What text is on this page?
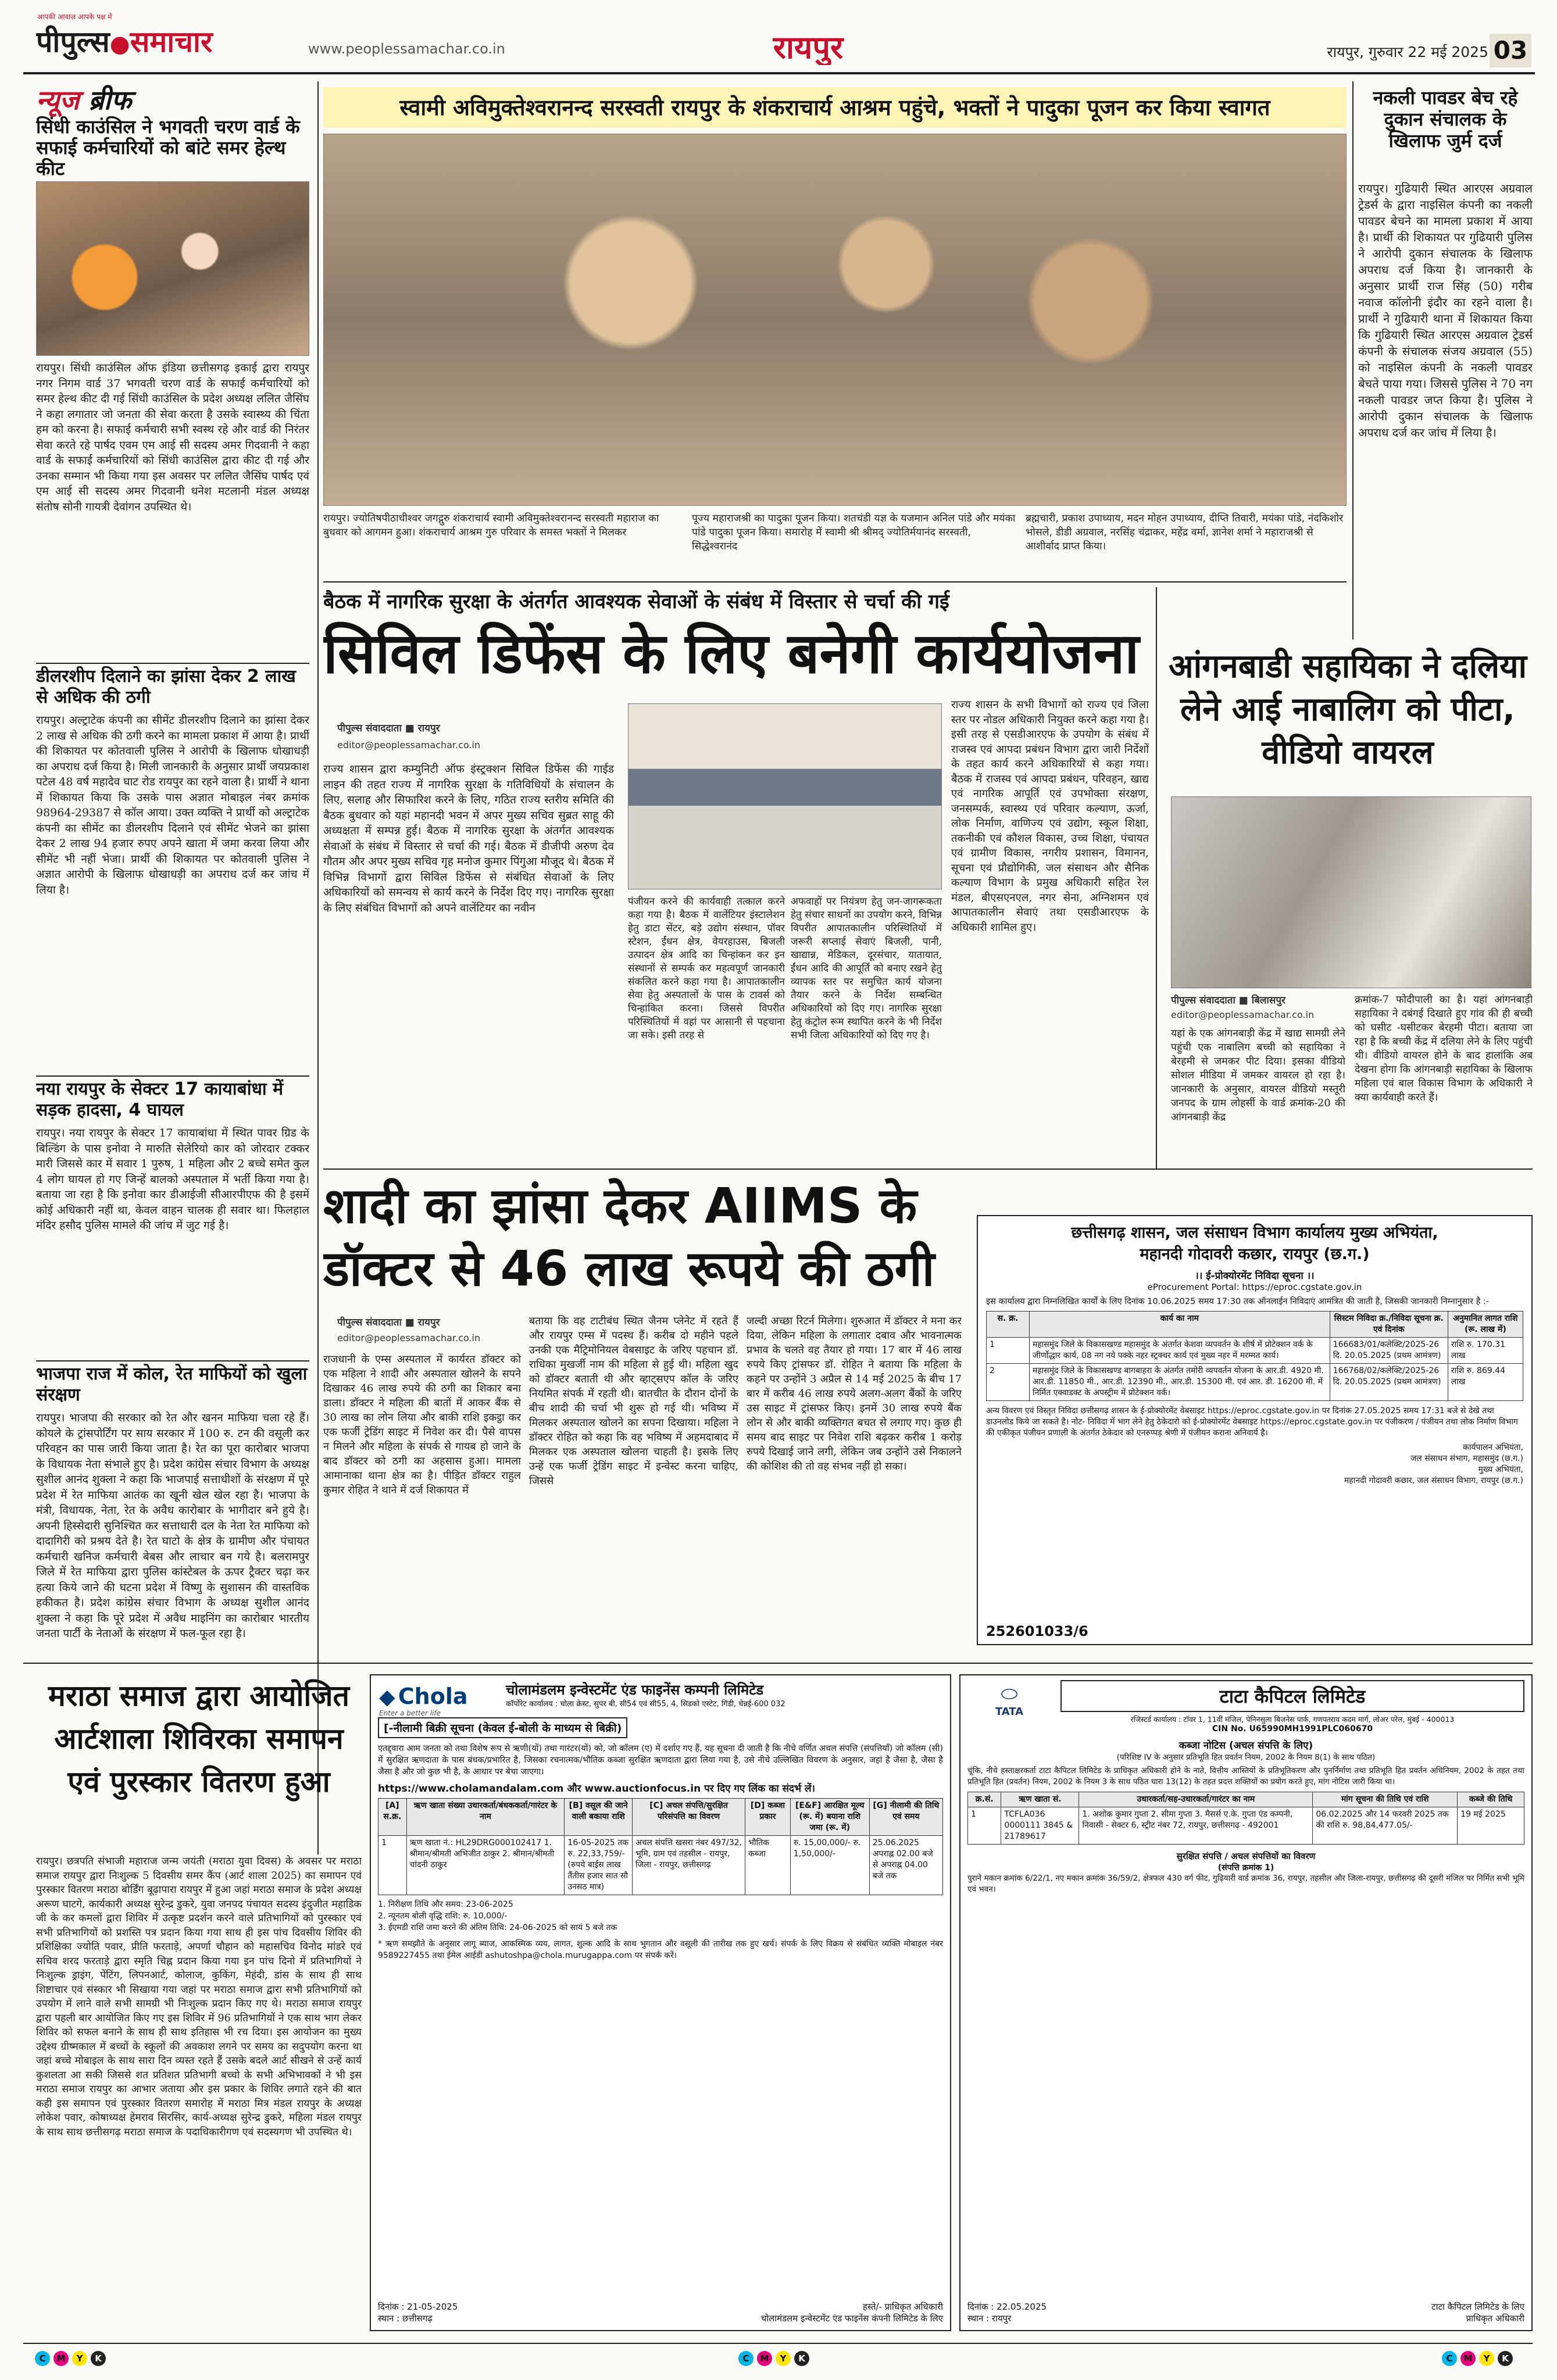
पीपुल्स●समाचार
आपकी आवाज़ आपके पक्ष में
www.peoplessamachar.co.in	रायपुर	रायपुर, गुरुवार 22 मई 2025 03
न्यूज ब्रीफ
सिंधी काउंसिल ने भगवती चरण वार्ड के सफाई कर्मचारियों को बांटे समर हेल्थ कीट
रायपुर। सिंधी काउंसिल ऑफ इंडिया छत्तीसगढ़ इकाई द्वारा रायपुर नगर निगम वार्ड 37 भगवती चरण वार्ड के सफाई कर्मचारियों को समर हेल्थ कीट दी गई सिंधी काउंसिल के प्रदेश अध्यक्ष ललित जैसिंघ ने कहा लगातार जो जनता की सेवा करता है उसके स्वास्थ्य की चिंता हम को करना है। सफाई कर्मचारी सभी स्वस्थ रहे और वार्ड की निरंतर सेवा करते रहे पार्षद एवम एम आई सी सदस्य अमर गिदवानी ने कहा वार्ड के सफाई कर्मचारियों को सिंधी काउंसिल द्वारा कीट दी गई और उनका सम्मान भी किया गया इस अवसर पर ललित जैसिंघ पार्षद एवं एम आई सी सदस्य अमर गिदवानी धनेश मटलानी मंडल अध्यक्ष संतोष सोनी गायत्री देवांगन उपस्थित थे।
डीलरशीप दिलाने का झांसा देकर 2 लाख से अधिक की ठगी
रायपुर। अल्ट्राटेक कंपनी का सीमेंट डीलरशीप दिलाने का झांसा देकर 2 लाख से अधिक की ठगी करने का मामला प्रकाश में आया है। प्रार्थी की शिकायत पर कोतवाली पुलिस ने आरोपी के खिलाफ धोखाधड़ी का अपराध दर्ज किया है। मिली जानकारी के अनुसार प्रार्थी जयप्रकाश पटेल 48 वर्ष महादेव घाट रोड रायपुर का रहने वाला है। प्रार्थी ने थाना में शिकायत किया कि उसके पास अज्ञात मोबाइल नंबर क्रमांक 98964-29387 से कॉल आया। उक्त व्यक्ति ने प्रार्थी को अल्ट्राटेक कंपनी का सीमेंट का डीलरशीप दिलाने एवं सीमेंट भेजने का झांसा देकर 2 लाख 94 हजार रुपए अपने खाता में जमा करवा लिया और सीमेंट भी नहीं भेजा। प्रार्थी की शिकायत पर कोतवाली पुलिस ने अज्ञात आरोपी के खिलाफ धोखाधड़ी का अपराध दर्ज कर जांच में लिया है।
नया रायपुर के सेक्टर 17 कायाबांधा में सड़क हादसा, 4 घायल
रायपुर। नया रायपुर के सेक्टर 17 कायाबांधा में स्थित पावर ग्रिड के बिल्डिंग के पास इनोवा ने मारुति सेलेरियो कार को जोरदार टक्कर मारी जिससे कार में सवार 1 पुरुष, 1 महिला और 2 बच्चे समेत कुल 4 लोग घायल हो गए जिन्हें बालको अस्पताल में भर्ती किया गया है। बताया जा रहा है कि इनोवा कार डीआईजी सीआरपीएफ की है इसमें कोई अधिकारी नहीं था, केवल वाहन चालक ही सवार था। फिलहाल मंदिर हसौद पुलिस मामले की जांच में जुट गई है।
भाजपा राज में कोल, रेत माफियों को खुला संरक्षण
रायपुर। भाजपा की सरकार को रेत और खनन माफिया चला रहे हैं। कोयले के ट्रांसपोर्टिंग पर साय सरकार में 100 रु. टन की वसूली कर परिवहन का पास जारी किया जाता है। रेत का पूरा कारोबार भाजपा के विधायक नेता संभाले हुए है। प्रदेश कांग्रेस संचार विभाग के अध्यक्ष सुशील आनंद शुक्ला ने कहा कि भाजपाई सत्ताधीशों के संरक्षण में पूरे प्रदेश में रेत माफिया आतंक का खूनी खेल खेल रहा है। भाजपा के मंत्री, विधायक, नेता, रेत के अवैध कारोबार के भागीदार बने हुये है। अपनी हिस्सेदारी सुनिश्चित कर सत्ताधारी दल के नेता रेत माफिया को दादागिरी को प्रश्रय देते है। रेत घाटो के क्षेत्र के ग्रामीण और पंचायत कर्मचारी खनिज कर्मचारी बेबस और लाचार बन गये है। बलरामपुर जिले में रेत माफिया द्वारा पुलिस कांस्टेबल के ऊपर ट्रैक्टर चढ़ा कर हत्या किये जाने की घटना प्रदेश में विष्णु के सुशासन की वास्तविक हकीकत है। प्रदेश कांग्रेस संचार विभाग के अध्यक्ष सुशील आनंद शुक्ला ने कहा कि पूरे प्रदेश में अवैध माइनिंग का कारोबार भारतीय जनता पार्टी के नेताओं के संरक्षण में फल-फूल रहा है।
स्वामी अविमुक्तेश्वरानन्द सरस्वती रायपुर के शंकराचार्य आश्रम पहुंचे, भक्तों ने पादुका पूजन कर किया स्वागत
रायपुर। ज्योतिषपीठाधीश्वर जगद्गुरु शंकराचार्य स्वामी अविमुक्तेश्वरानन्द सरस्वती महाराज का बुधवार को आगमन हुआ। शंकराचार्य आश्रम गुरु परिवार के समस्त भक्तों ने मिलकर
पूज्य महाराजश्री का पादुका पूजन किया। शतचंडी यज्ञ के यजमान अनिल पांडे और मयंका पांडे पादुका पूजन किया। समारोह में स्वामी श्री श्रीमद् ज्योतिर्मयानंद सरस्वती, सिद्धेश्वरानंद
ब्रह्मचारी, प्रकाश उपाध्याय, मदन मोहन उपाध्याय, दीप्ति तिवारी, मयंका पांडे, नंदकिशोर भोसले, डीडी अग्रवाल, नरसिंह चंद्राकर, महेंद्र वर्मा, ज्ञानेश शर्मा ने महाराजश्री से आशीर्वाद प्राप्त किया।
नकली पावडर बेच रहे दुकान संचालक के खिलाफ जुर्म दर्ज
रायपुर। गुढियारी स्थित आरएस अग्रवाल ट्रेडर्स के द्वारा नाइसिल कंपनी का नकली पावडर बेचने का मामला प्रकाश में आया है। प्रार्थी की शिकायत पर गुढियारी पुलिस ने आरोपी दुकान संचालक के खिलाफ अपराध दर्ज किया है। जानकारी के अनुसार प्रार्थी राज सिंह (50) गरीब नवाज कॉलोनी इंदौर का रहने वाला है। प्रार्थी ने गुढियारी थाना में शिकायत किया कि गुढियारी स्थित आरएस अग्रवाल ट्रेडर्स कंपनी के संचालक संजय अग्रवाल (55) को नाइसिल कंपनी के नकली पावडर बेचते पाया गया। जिससे पुलिस ने 70 नग नकली पावडर जप्त किया है। पुलिस ने आरोपी दुकान संचालक के खिलाफ अपराध दर्ज कर जांच में लिया है।
बैठक में नागरिक सुरक्षा के अंतर्गत आवश्यक सेवाओं के संबंध में विस्तार से चर्चा की गई
सिविल डिफेंस के लिए बनेगी कार्ययोजना
पीपुल्स संवाददाता ■ रायपुर
editor@peoplessamachar.co.in
राज्य शासन द्वारा कम्युनिटी ऑफ इंस्ट्रक्शन सिविल डिफेंस की गाईड लाइन की तहत राज्य में नागरिक सुरक्षा के गतिविधियों के संचालन के लिए, सलाह और सिफारिश करने के लिए, गठित राज्य स्तरीय समिति की बैठक बुधवार को यहां महानदी भवन में अपर मुख्य सचिव सुब्रत साहू की अध्यक्षता में सम्पन्न हुई। बैठक में नागरिक सुरक्षा के अंतर्गत आवश्यक सेवाओं के संबंध में विस्तार से चर्चा की गई। बैठक में डीजीपी अरुण देव गौतम और अपर मुख्य सचिव गृह मनोज कुमार पिंगुआ मौजूद थे। बैठक में विभिन्न विभागों द्वारा सिविल डिफेंस से संबंधित सेवाओं के लिए अधिकारियों को समन्वय से कार्य करने के निर्देश दिए गए। नागरिक सुरक्षा के लिए संबंधित विभागों को अपने वालेंटियर का नवीन	पंजीयन करने की कार्यवाही तत्काल करने कहा गया है। बैठक में वालेंटियर इंस्टालेशन हेतु डाटा सेंटर, बड़े उद्योग संस्थान, पॉवर स्टेशन, ईंधन क्षेत्र, वेयरहाउस, बिजली उत्पादन क्षेत्र आदि का चिन्हांकन कर इन संस्थानों से सम्पर्क कर महत्वपूर्ण जानकारी संकलित करने कहा गया है। आपातकालीन सेवा हेतु अस्पतालों के पास के टावर्स को चिन्हांकित करना। जिससे विपरीत परिस्थितियों में वहां पर आसानी से पहचाना जा सके। इसी तरह से
अफवाहों पर नियंत्रण हेतु जन-जागरूकता हेतु संचार साधनों का उपयोग करने, विभिन्न विपरीत आपातकालीन परिस्थितियों में जरूरी सप्लाई सेवाएं बिजली, पानी, खाद्यान्न, मेडिकल, दूरसंचार, यातायात, ईंधन आदि की आपूर्ति को बनाए रखने हेतु व्यापक स्तर पर समुचित कार्य योजना तैयार करने के निर्देश सम्बन्धित अधिकारियों को दिए गए। नागरिक सुरक्षा हेतु कंट्रोल रूम स्थापित करने के भी निर्देश सभी जिला अधिकारियों को दिए गए है।
राज्य शासन के सभी विभागों को राज्य एवं जिला स्तर पर नोडल अधिकारी नियुक्त करने कहा गया है। इसी तरह से एसडीआरएफ के उपयोग के संबंध में राजस्व एवं आपदा प्रबंधन विभाग द्वारा जारी निर्देशों के तहत कार्य करने अधिकारियों से कहा गया। बैठक में राजस्व एवं आपदा प्रबंधन, परिवहन, खाद्य एवं नागरिक आपूर्ति एवं उपभोक्ता संरक्षण, जनसम्पर्क, स्वास्थ्य एवं परिवार कल्याण, ऊर्जा, लोक निर्माण, वाणिज्य एवं उद्योग, स्कूल शिक्षा, तकनीकी एवं कौशल विकास, उच्च शिक्षा, पंचायत एवं ग्रामीण विकास, नगरीय प्रशासन, विमानन, सूचना एवं प्रौद्योगिकी, जल संसाधन और सैनिक कल्याण विभाग के प्रमुख अधिकारी सहित रेल मंडल, बीएसएनएल, नगर सेना, अग्निशमन एवं आपातकालीन सेवाएं तथा एसडीआरएफ के अधिकारी शामिल हुए।
आंगनबाडी सहायिका ने दलिया लेने आई नाबालिग को पीटा, वीडियो वायरल
पीपुल्स संवाददाता ■ बिलासपुर
editor@peoplessamachar.co.in
यहां के एक आंगनबाड़ी केंद्र में खाद्य सामग्री लेने पहुंची एक नाबालिग बच्ची को सहायिका ने बेरहमी से जमकर पीट दिया। इसका वीडियो सोशल मीडिया में जमकर वायरल हो रहा है। जानकारी के अनुसार, वायरल वीडियो मस्तूरी जनपद के ग्राम लोहर्सी के वार्ड क्रमांक-20 की आंगनबाड़ी केंद्र
क्रमांक-7 फोदीपाली का है। यहां आंगनबाड़ी सहायिका ने दबंगई दिखाते हुए गांव की ही बच्ची को घसीट -घसीटकर बेरहमी पीटा। बताया जा रहा है कि बच्ची केंद्र में दलिया लेने के लिए पहुंची थी। वीडियो वायरल होने के बाद हालांकि अब देखना होगा कि आंगनबाड़ी सहायिका के खिलाफ महिला एवं बाल विकास विभाग के अधिकारी ने क्या कार्यवाही करते हैं।
शादी का झांसा देकर AIIMS के डॉक्टर से 46 लाख रूपये की ठगी
पीपुल्स संवाददाता ■ रायपुर
editor@peoplessamachar.co.in
राजधानी के एम्स अस्पताल में कार्यरत डॉक्टर को एक महिला ने शादी और अस्पताल खोलने के सपने दिखाकर 46 लाख रुपये की ठगी का शिकार बना डाला। डॉक्टर ने महिला की बातों में आकर बैंक से 30 लाख का लोन लिया और बाकी राशि इकट्ठा कर एक फर्जी ट्रेडिंग साइट में निवेश कर दी। पैसे वापस न मिलने और महिला के संपर्क से गायब हो जाने के बाद डॉक्टर को ठगी का अहसास हुआ। मामला आमानाका थाना क्षेत्र का है। पीड़ित डॉक्टर राहुल कुमार रोहित ने थाने में दर्ज शिकायत में
बताया कि वह टाटीबंध स्थित जैनम प्लेनेट में रहते हैं और रायपुर एम्स में पदस्थ हैं। करीब दो महीने पहले उनकी एक मैट्रिमोनियल वेबसाइट के जरिए पहचान डॉ. राधिका मुखर्जी नाम की महिला से हुई थी। महिला खुद को डॉक्टर बताती थी और व्हाट्सएप कॉल के जरिए नियमित संपर्क में रहती थी। बातचीत के दौरान दोनों के बीच शादी की चर्चा भी शुरू हो गई थी। भविष्य में मिलकर अस्पताल खोलने का सपना दिखाया। महिला ने डॉक्टर रोहित को कहा कि वह भविष्य में अहमदाबाद में मिलकर एक अस्पताल खोलना चाहती है। इसके लिए उन्हें एक फर्जी ट्रेडिंग साइट में इन्वेस्ट करना चाहिए, जिससे
जल्दी अच्छा रिटर्न मिलेगा। शुरुआत में डॉक्टर ने मना कर दिया, लेकिन महिला के लगातार दबाव और भावनात्मक प्रभाव के चलते वह तैयार हो गया। 17 बार में 46 लाख रुपये किए ट्रांसफर डॉ. रोहित ने बताया कि महिला के कहने पर उन्होंने 3 अप्रैल से 14 मई 2025 के बीच 17 बार में करीब 46 लाख रुपये अलग-अलग बैंकों के जरिए उस साइट में ट्रांसफर किए। इनमें 30 लाख रुपये बैंक लोन से और बाकी व्यक्तिगत बचत से लगाए गए। कुछ ही समय बाद साइट पर निवेश राशि बढ़कर करीब 1 करोड़ रुपये दिखाई जाने लगी, लेकिन जब उन्होंने उसे निकालने की कोशिश की तो वह संभव नहीं हो सका।
छत्तीसगढ़ शासन, जल संसाधन विभाग कार्यालय मुख्य अभियंता,
महानदी गोदावरी कछार, रायपुर (छ.ग.)
।। ई-प्रोक्योरमेंट निविदा सूचना ।।
eProcurement Portal: https://eproc.cgstate.gov.in
इस कार्यालय द्वारा निम्नलिखित कार्यों के लिए दिनांक 10.06.2025 समय 17:30 तक ऑनलाईन निविदाएं आमंत्रित की जाती है, जिसकी जानकारी निम्नानुसार है :-
स. क्र.	कार्य का नाम	सिस्टम निविदा क्र./निविदा सूचना क्र. एवं दिनांक	अनुमानित लागत राशि (रू. लाख में)
1	महासमुंद जिले के विकासखण्ड महासमुंद के अंतर्गत केशवा व्यपवर्तन के शीर्ष में प्रोटेक्शन वर्क के जीर्णोद्धार कार्य, 08 नग नये पक्के नहर स्ट्रक्चर कार्य एवं मुख्य नहर में मरम्मत कार्य।	166683/01/कलेक्टि/2025-26 दि. 20.05.2025 (प्रथम आमंत्रण)	राशि रु. 170.31 लाख
2	महासमुंद जिले के विकासखण्ड बागबाहरा के अंतर्गत तमोरी व्यपवर्तन योजना के आर.डी. 4920 मी. आर.डी. 11850 मी., आर.डी. 12390 मी., आर.डी. 15300 मी. एवं आर. डी. 16200 मी. में निर्मित एक्वाडक्ट के अपस्ट्रीम में प्रोटेक्शन वर्क।	166768/02/कलेक्टि/2025-26 दि. 20.05.2025 (प्रथम आमंत्रण)	राशि रु. 869.44 लाख
अन्य विवरण एवं विस्तृत निविदा छत्तीसगढ़ शासन के ई-प्रोक्योरमेंट वेबसाइट https://eproc.cgstate.gov.in पर दिनांक 27.05.2025 समय 17:31 बजे से देखे तथा डाउनलोड किये जा सकते है। नोट- निविदा में भाग लेने हेतु ठेकेदारो को ई-प्रोक्योरमेंट वेबसाइट https://eproc.cgstate.gov.in पर पंजीकरण / पंजीयन तथा लोक निर्माण विभाग की एकीकृत पंजीयन प्रणाली के अंतर्गत ठेकेदार को एनरुप्पड़ श्रेणी में पंजीयन कराना अनिवार्य है।
कार्यपालन अभियंता,
जल संसाधन संभाग, महासमुंद (छ.ग.)
मुख्य अभियंता,
महानदी गोदावरी कछार, जल संसाधन विभाग, रायपुर (छ.ग.)
252601033/6
मराठा समाज द्वारा आयोजित आर्टशाला शिविरका समापन एवं पुरस्कार वितरण हुआ
रायपुर। छत्रपति संभाजी महाराज जन्म जयंती (मराठा युवा दिवस) के अवसर पर मराठा समाज रायपुर द्वारा निःशुल्क 5 दिवसीय समर कैंप (आर्ट शाला 2025) का समापन एवं पुरस्कार वितरण मराठा बोर्डिंग बूढ़ापारा रायपुर में हुआ जहां मराठा समाज के प्रदेश अध्यक्ष अरूण घाटगे, कार्यकारी अध्यक्ष सुरेन्द्र डुकरे, युवा जनपद पंचायत सदस्य इंदुजीत महाडिक जी के कर कमलों द्वारा शिविर में उत्कृष्ट प्रदर्शन करने वाले प्रतिभागियों को पुरस्कार एवं सभी प्रतिभागियों को प्रशस्ति पत्र प्रदान किया गया साथ ही इस पांच दिवसीय शिविर की प्रशिक्षिका ज्योति पवार, प्रीति फरताड़े, अपर्णा चौहान को महासचिव विनोद मांडरे एवं सचिव शरद फरताड़े द्वारा स्मृति चिह्न प्रदान किया गया इन पांच दिनो में प्रतिभागियों ने निःशुल्क ड्राइंग, पेंटिंग, लिपनआर्ट, कोलाज, कुकिंग, मेहंदी, डांस के साथ ही साथ शिष्टाचार एवं संस्कार भी सिखाया गया जहां पर मराठा समाज द्वारा सभी प्रतिभागियों को उपयोग में लाने वाले सभी सामग्री भी निःशुल्क प्रदान किए गए थे। मराठा समाज रायपुर द्वारा पहली बार आयोजित किए गए इस शिविर में 96 प्रतिभागियों ने एक साथ भाग लेकर शिविर को सफल बनाने के साथ ही साथ इतिहास भी रच दिया। इस आयोजन का मुख्य उद्देश्य ग्रीष्मकाल में बच्चों के स्कूलों की अवकाश लगने पर समय का सदुपयोग करना था जहां बच्चे मोबाइल के साथ सारा दिन व्यस्त रहते हैं उसके बदले आर्ट सीखने से उन्हें कार्य कुशलता आ सकी जिससे शत प्रतिशत प्रतिभागी बच्चो के सभी अभिभावकों ने भी इस मराठा समाज रायपुर का आभार जताया और इस प्रकार के शिविर लगाते रहने की बात कही इस समापन एवं पुरस्कार वितरण समारोह में मराठा मित्र मंडल रायपुर के अध्यक्ष लोकेश पवार, कोषाध्यक्ष हेमराव सिरसिर, कार्य-अध्यक्ष सुरेन्द्र डुकरे, महिला मंडल रायपुर के साथ साथ छत्तीसगढ़ मराठा समाज के पदाधिकारीगण एवं सदस्यगण भी उपस्थित थे।
◆ Chola
Enter a better life
चोलामंडलम इन्वेस्टमेंट एंड फाइनेंस कम्पनी लिमिटेड
कॉर्पोरेट कार्यालय : चोला क्रेस्ट, सुपर बी, सी54 एवं सी55, 4, सिडको एस्टेट, गिंडी, चेन्नई-600 032
[-नीलामी बिक्री सूचना (केवल ई-बोली के माध्यम से बिक्री)
एतद्द्वारा आम जनता को तथा विशेष रूप से ऋणी(यों) तथा गारंटर(यों) को, जो कॉलम (ए) में दर्शाए गए हैं, यह सूचना दी जाती है कि नीचे वर्णित अचल संपत्ति (संपत्तियाँ) जो कॉलम (सी) में सुरक्षित ऋणदाता के पास बंधक/प्रभारित है, जिसका रचनात्मक/भौतिक कब्जा सुरक्षित ऋणदाता द्वारा लिया गया है, उसे नीचे उल्लिखित विवरण के अनुसार, जहां है जैसा है, जैसा है जैसा है और जो कुछ भी है, के आधार पर बेचा जाएगा।
https://www.cholamandalam.com और www.auctionfocus.in पर दिए गए लिंक का संदर्भ लें।
[A] स.क्र.	ऋण खाता संख्या उधारकर्ता/बंधककर्ता/गारंटर के नाम	[B] वसूल की जाने वाली बकाया राशि	[C] अचल संपत्ति/सुरक्षित परिसंपत्ति का विवरण	[D] कब्जा प्रकार	[E&F] आरक्षित मूल्य (रू. में) बयाना राशि जमा (रू. में)	[G] नीलामी की तिथि एवं समय
1	ऋण खाता नं.: HL29DRG000102417 1. श्रीमान/श्रीमती अभिजीत ठाकुर 2. श्रीमान/श्रीमती चांदनी ठाकुर	16-05-2025 तक रु. 22,33,759/- (रुपये बाईस लाख तैंतीस हजार सात सौ उनसठ मात्र)	अचल संपत्ति खसरा नंबर 497/32, भूमि, ग्राम एवं तहसील - रायपुर, जिला - रायपुर, छत्तीसगढ़	भौतिक कब्जा	रु. 15,00,000/- रु. 1,50,000/-	25.06.2025 अपराह्न 02.00 बजे से अपराह्न 04.00 बजे तक
1. निरीक्षण तिथि और समय: 23-06-2025
2. न्यूनतम बोली वृद्धि राशि: रु. 10,000/-
3. ईएमडी राशि जमा करने की अंतिम तिथि: 24-06-2025 को सायं 5 बजे तक
* ऋण समझौते के अनुसार लागू ब्याज, आकस्मिक व्यय, लागत, शुल्क आदि के साथ भुगतान और वसूली की तारीख तक हुए खर्च। संपर्क के लिए विक्रय से संबंधित व्यक्ति मोबाइल नंबर 9589227455 तथा ईमेल आईडी ashutoshpa@chola.murugappa.com पर संपर्क करें।
दिनांक : 21-05-2025
स्थान : छत्तीसगढ़
हस्ते/- प्राधिकृत अधिकारी
चोलामंडलम इन्वेस्टमेंट एंड फाइनेंस कंपनी लिमिटेड के लिए
⬭
TATA
टाटा कैपिटल लिमिटेड
रजिस्टर्ड कार्यालय : टॉवर 1, 11वीं मंजिल, पेनिनसुला बिजनेस पार्क, गणपतराव कदम मार्ग, लोअर परेल, मुंबई - 400013
CIN No. U65990MH1991PLC060670
कब्जा नोटिस (अचल संपत्ति के लिए)
(परिशिष्ट IV के अनुसार प्रतिभूति हित प्रवर्तन नियम, 2002 के नियम 8(1) के साथ पठित)
चूंकि, नीचे हस्ताक्षरकर्ता टाटा कैपिटल लिमिटेड के प्राधिकृत अधिकारी होने के नाते, वित्तीय आस्तियों के प्रतिभूतिकरण और पुनर्निर्माण तथा प्रतिभूति हित प्रवर्तन अधिनियम, 2002 के तहत तथा प्रतिभूति हित (प्रवर्तन) नियम, 2002 के नियम 3 के साथ पठित धारा 13(12) के तहत प्रदत्त शक्तियों का प्रयोग करते हुए, मांग नोटिस जारी किया था।
क्र.सं.	ऋण खाता सं.	उधारकर्ता/सह-उधारकर्ता/गारंटर का नाम	मांग सूचना की तिथि एवं राशि	कब्जे की तिथि
1	TCFLA036 0000111 3845 & 21789617	1. अशोक कुमार गुप्ता 2. सीमा गुप्ता 3. मैसर्स ए.के. गुप्ता एंड कम्पनी, निवासी - सेक्टर 6, स्ट्रीट नंबर 72, रायपुर, छत्तीसगढ़ - 492001	06.02.2025 और 14 फरवरी 2025 तक की राशि रु. 98,84,477.05/-	19 मई 2025
सुरक्षित संपत्ति / अचल संपत्तियों का विवरण
(संपत्ति क्रमांक 1)
पुराने मकान क्रमांक 6/22/1, नए मकान क्रमांक 36/59/2, क्षेत्रफल 430 वर्ग फीट, गुढ़ियारी वार्ड क्रमांक 36, रायपुर, तहसील और जिला-रायपुर, छत्तीसगढ़ की दूसरी मंजिल पर निर्मित सभी भूमि एवं भवन।
दिनांक : 22.05.2025
स्थान : रायपुर
टाटा कैपिटल लिमिटेड के लिए
प्राधिकृत अधिकारी
C	M	Y	K	C	M	Y	K	C	M	Y	K
